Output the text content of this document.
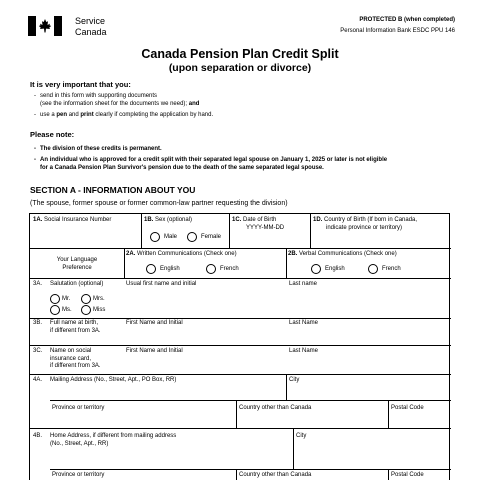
Service
Canada
PROTECTED B (when completed)
Personal Information Bank ESDC PPU 146
Canada Pension Plan Credit Split
(upon separation or divorce)
It is very important that you:
- send in this form with supporting documents
(see the information sheet for the documents we need); and
- use a pen and print clearly if completing the application by hand.
Please note:
- The division of these credits is permanent.
- An individual who is approved for a credit split with their separated legal spouse on January 1, 2025 or later is not eligible
for a Canada Pension Plan Survivor's pension due to the death of the same separated legal spouse.
SECTION A - INFORMATION ABOUT YOU
(The spouse, former spouse or former common-law partner requesting the division)
1A. Social Insurance Number	1B. Sex (optional)
Male	Female
1C. Date of Birth
YYYY-MM-DD
1D. Country of Birth (If born in Canada,
indicate province or territory)
Your Language
Preference
2A. Written Communications (Check one)
English	French
2B. Verbal Communications (Check one)
English	French
3A. Salutation (optional)
Mr.	Mrs.
Ms.	Miss
Usual first name and initial	Last name
3B. Full name at birth,
if different from 3A.
First Name and Initial	Last Name
3C. Name on social
insurance card,
if different from 3A.
First Name and Initial	Last Name
4A. Mailing Address (No., Street, Apt., PO Box, RR)	City
Province or territory	Country other than Canada	Postal Code
4B. Home Address, if different from mailing address
(No., Street, Apt., RR)
City
Province or territory	Country other than Canada	Postal Code
